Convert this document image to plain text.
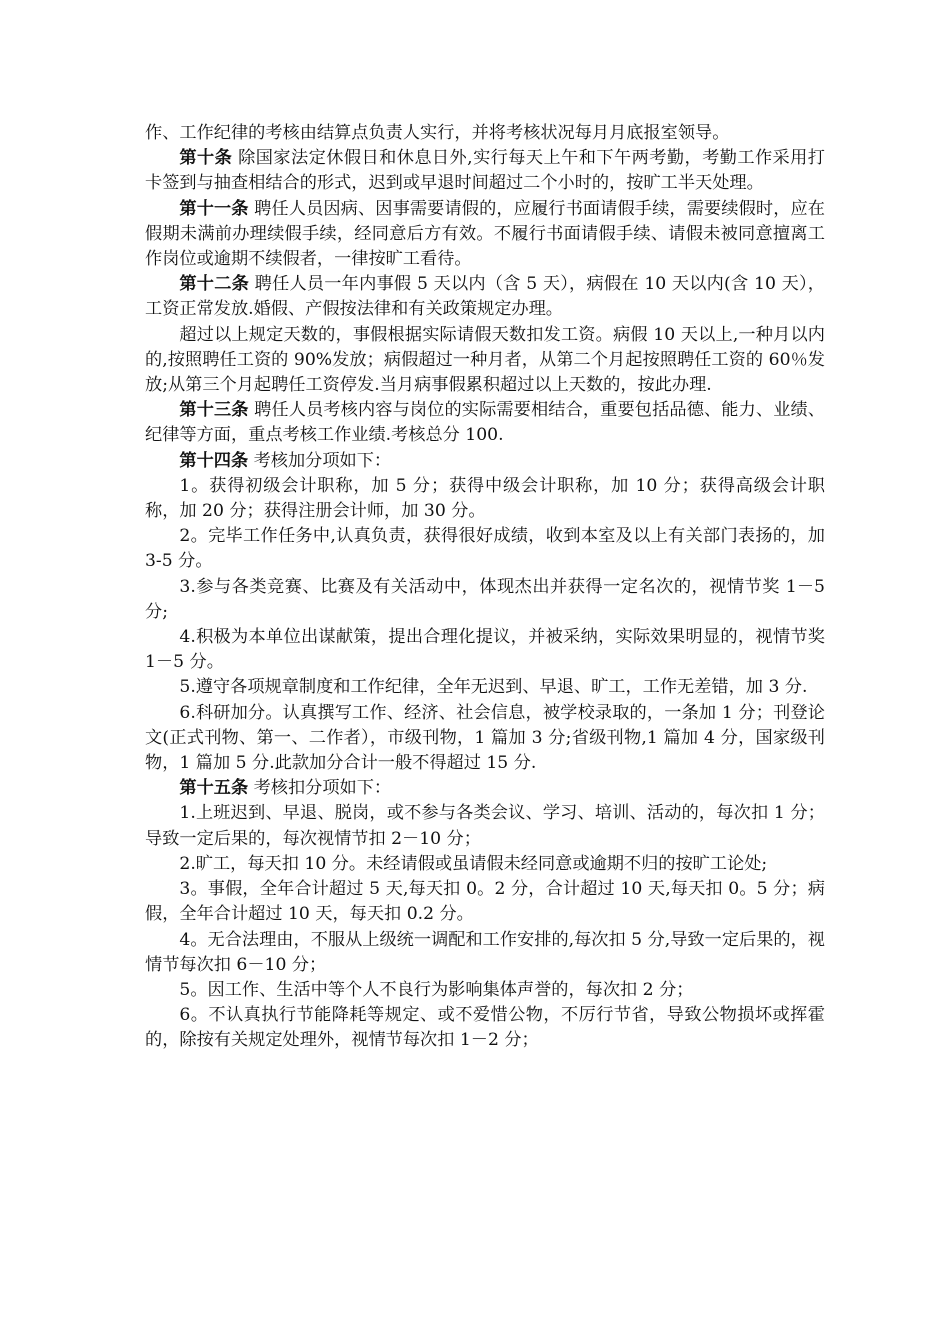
作、工作纪律的考核由结算点负责人实行，并将考核状况每月月底报室领导。

第十条 除国家法定休假日和休息日外,实行每天上午和下午两考勤，考勤工作采用打卡签到与抽查相结合的形式，迟到或早退时间超过二个小时的，按旷工半天处理。

第十一条 聘任人员因病、因事需要请假的，应履行书面请假手续，需要续假时，应在假期未满前办理续假手续，经同意后方有效。不履行书面请假手续、请假未被同意擅离工作岗位或逾期不续假者，一律按旷工看待。

第十二条 聘任人员一年内事假 5 天以内（含 5 天），病假在 10 天以内(含 10 天），工资正常发放.婚假、产假按法律和有关政策规定办理。

超过以上规定天数的，事假根据实际请假天数扣发工资。病假 10 天以上,一种月以内的,按照聘任工资的 90%发放；病假超过一种月者，从第二个月起按照聘任工资的 60％发放;从第三个月起聘任工资停发.当月病事假累积超过以上天数的，按此办理.

第十三条 聘任人员考核内容与岗位的实际需要相结合，重要包括品德、能力、业绩、纪律等方面，重点考核工作业绩.考核总分 100.

第十四条 考核加分项如下：

1。获得初级会计职称，加 5 分；获得中级会计职称，加 10 分；获得高级会计职称，加 20 分；获得注册会计师，加 30 分。

2。完毕工作任务中,认真负责，获得很好成绩，收到本室及以上有关部门表扬的，加 3-5 分。

3.参与各类竞赛、比赛及有关活动中，体现杰出并获得一定名次的，视情节奖 1－5 分;

4.积极为本单位出谋献策，提出合理化提议，并被采纳，实际效果明显的，视情节奖 1－5 分。

5.遵守各项规章制度和工作纪律，全年无迟到、早退、旷工，工作无差错，加 3 分.

6.科研加分。认真撰写工作、经济、社会信息，被学校录取的，一条加 1 分；刊登论文(正式刊物、第一、二作者），市级刊物，1 篇加 3 分;省级刊物,1 篇加 4 分，国家级刊物，1 篇加 5 分.此款加分合计一般不得超过 15 分.

第十五条 考核扣分项如下：

1.上班迟到、早退、脱岗，或不参与各类会议、学习、培训、活动的，每次扣 1 分；导致一定后果的，每次视情节扣 2－10 分；

2.旷工，每天扣 10 分。未经请假或虽请假未经同意或逾期不归的按旷工论处;

3。事假，全年合计超过 5 天,每天扣 0。2 分，合计超过 10 天,每天扣 0。5 分；病假，全年合计超过 10 天，每天扣 0.2 分。

4。无合法理由，不服从上级统一调配和工作安排的,每次扣 5 分,导致一定后果的，视情节每次扣 6－10 分；

5。因工作、生活中等个人不良行为影响集体声誉的，每次扣 2 分；

6。不认真执行节能降耗等规定、或不爱惜公物，不厉行节省，导致公物损坏或挥霍的，除按有关规定处理外，视情节每次扣 1－2 分；
